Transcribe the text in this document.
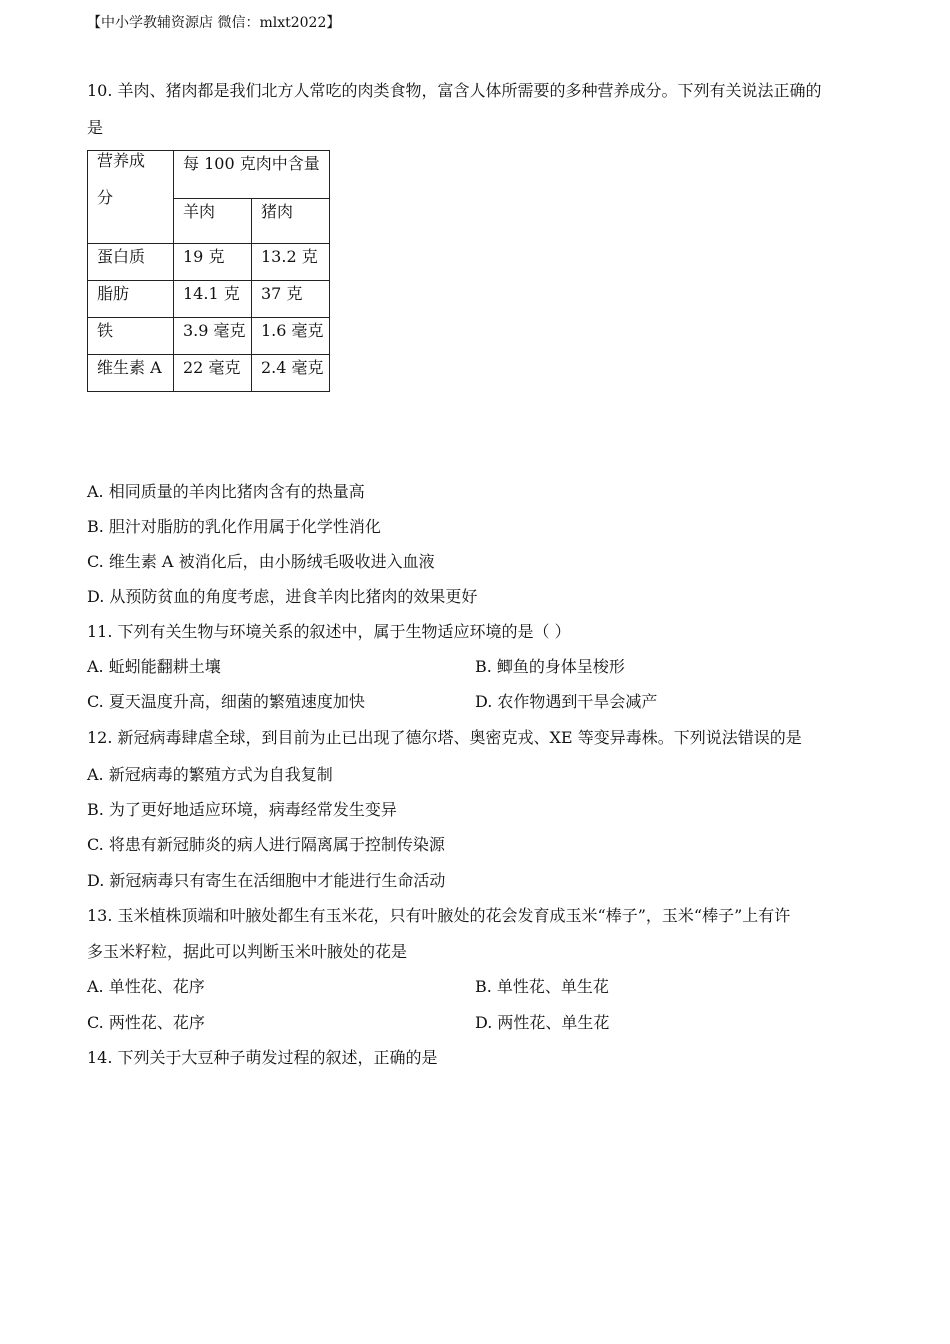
【中小学教辅资源店 微信：mlxt2022】
10. 羊肉、猪肉都是我们北方人常吃的肉类食物，富含人体所需要的多种营养成分。下列有关说法正确的
是
营养成
分	每 100 克肉中含量	
	羊肉	猪肉
蛋白质	19 克	13.2 克
脂肪	14.1 克	37 克
铁	3.9 毫克	1.6 毫克
维生素 A	22 毫克	2.4 毫克
A. 相同质量的羊肉比猪肉含有的热量高
B. 胆汁对脂肪的乳化作用属于化学性消化
C. 维生素 A 被消化后，由小肠绒毛吸收进入血液
D. 从预防贫血的角度考虑，进食羊肉比猪肉的效果更好
11. 下列有关生物与环境关系的叙述中，属于生物适应环境的是（ ）
A. 蚯蚓能翻耕土壤	B. 鲫鱼的身体呈梭形
C. 夏天温度升高，细菌的繁殖速度加快	D. 农作物遇到干旱会减产
12. 新冠病毒肆虐全球，到目前为止已出现了德尔塔、奥密克戎、XE 等变异毒株。下列说法错误的是
A. 新冠病毒的繁殖方式为自我复制
B. 为了更好地适应环境，病毒经常发生变异
C. 将患有新冠肺炎的病人进行隔离属于控制传染源
D. 新冠病毒只有寄生在活细胞中才能进行生命活动
13. 玉米植株顶端和叶腋处都生有玉米花，只有叶腋处的花会发育成玉米“棒子”，玉米“棒子”上有许
多玉米籽粒，据此可以判断玉米叶腋处的花是
A. 单性花、花序	B. 单性花、单生花
C. 两性花、花序	D. 两性花、单生花
14. 下列关于大豆种子萌发过程的叙述，正确的是
